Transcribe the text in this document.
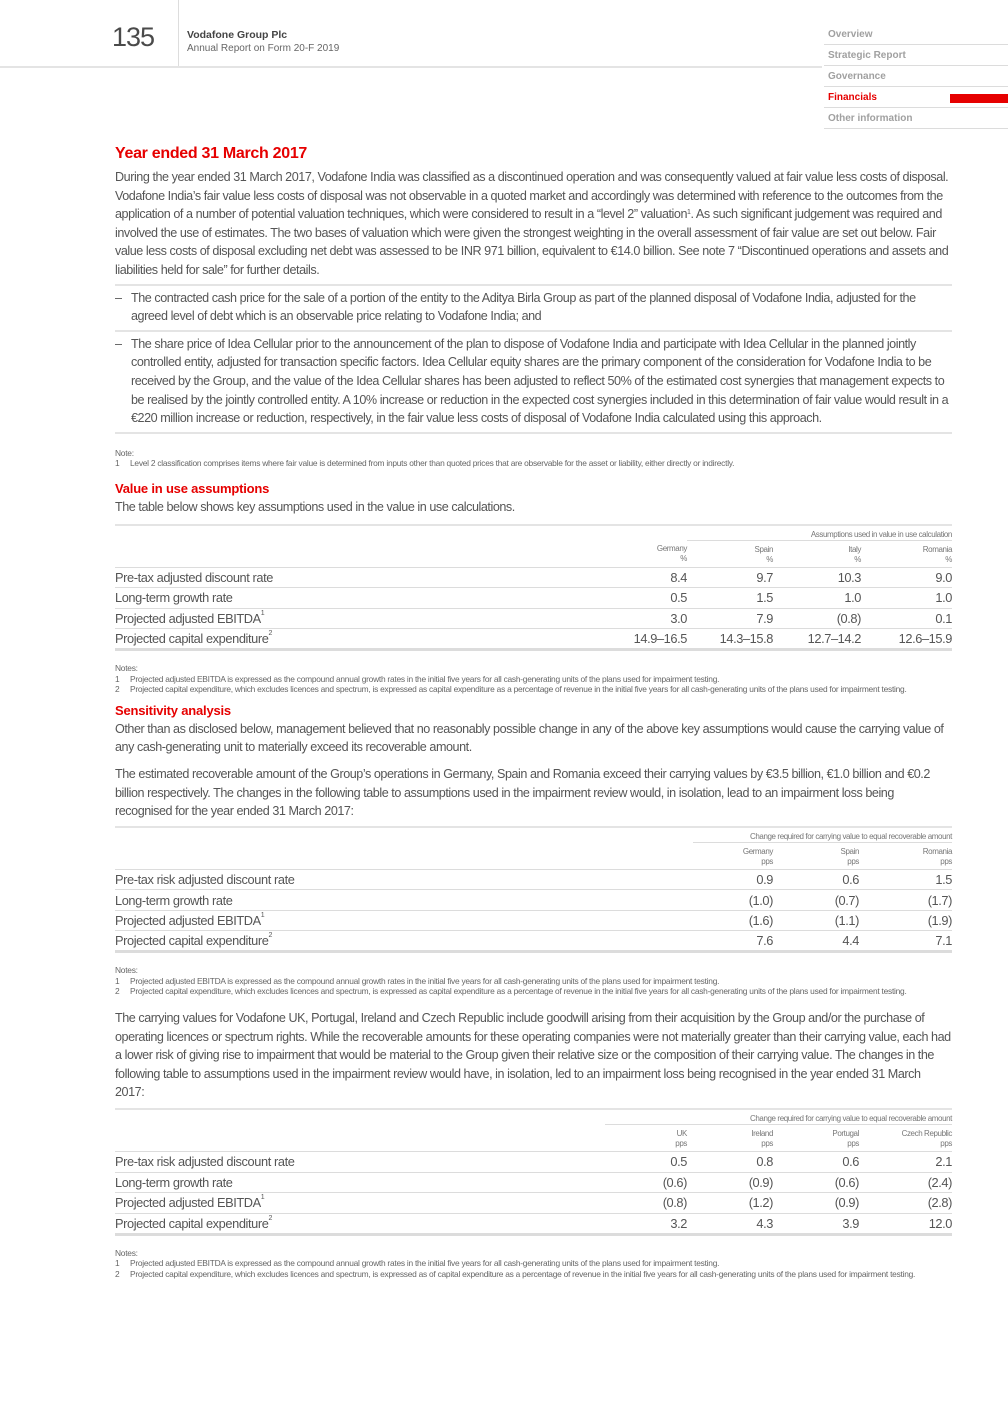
135	Vodafone Group Plc
Annual Report on Form 20-F 2019
Overview
Strategic Report
Governance
Financials
Other information
Year ended 31 March 2017

During the year ended 31 March 2017, Vodafone India was classified as a discontinued operation and was consequently valued at fair value less costs of disposal. Vodafone India’s fair value less costs of disposal was not observable in a quoted market and accordingly was determined with reference to the outcomes from the application of a number of potential valuation techniques, which were considered to result in a “level 2” valuation$^1$. As such significant judgement was required and involved the use of estimates. The two bases of valuation which were given the strongest weighting in the overall assessment of fair value are set out below. Fair value less costs of disposal excluding net debt was assessed to be INR 971 billion, equivalent to €14.0 billion. See note 7 “Discontinued operations and assets and liabilities held for sale” for further details.

– The contracted cash price for the sale of a portion of the entity to the Aditya Birla Group as part of the planned disposal of Vodafone India, adjusted for the agreed level of debt which is an observable price relating to Vodafone India; and
– The share price of Idea Cellular prior to the announcement of the plan to dispose of Vodafone India and participate with Idea Cellular in the planned jointly controlled entity, adjusted for transaction specific factors. Idea Cellular equity shares are the primary component of the consideration for Vodafone India to be received by the Group, and the value of the Idea Cellular shares has been adjusted to reflect 50% of the estimated cost synergies that management expects to be realised by the jointly controlled entity. A 10% increase or reduction in the expected cost synergies included in this determination of fair value would result in a €220 million increase or reduction, respectively, in the fair value less costs of disposal of Vodafone India calculated using this approach.
Note:
1 Level 2 classification comprises items where fair value is determined from inputs other than quoted prices that are observable for the asset or liability, either directly or indirectly.
Value in use assumptions

The table below shows key assumptions used in the value in use calculations.

		Assumptions used in value in use calculation		

Germany
%

Spain
%

Italy
%

Romania
%

Pre-tax adjusted discount rate	8.4	9.7	10.3	9.0
Long-term growth rate	0.5	1.5	1.0	1.0
Projected adjusted EBITDA$^1$	3.0	7.9	(0.8)	0.1
Projected capital expenditure$^2$	14.9–16.5	14.3–15.8	12.7–14.2	12.6–15.9
Notes:
1 Projected adjusted EBITDA is expressed as the compound annual growth rates in the initial five years for all cash-generating units of the plans used for impairment testing.
2 Projected capital expenditure, which excludes licences and spectrum, is expressed as capital expenditure as a percentage of revenue in the initial five years for all cash-generating units of the plans used for impairment testing.
Sensitivity analysis

Other than as disclosed below, management believed that no reasonably possible change in any of the above key assumptions would cause the carrying value of any cash-generating unit to materially exceed its recoverable amount.

The estimated recoverable amount of the Group’s operations in Germany, Spain and Romania exceed their carrying values by €3.5 billion, €1.0 billion and €0.2 billion respectively. The changes in the following table to assumptions used in the impairment review would, in isolation, lead to an impairment loss being recognised for the year ended 31 March 2017:

	Change required for carrying value to equal recoverable amount		

Germany
pps

Spain
pps

Romania
pps

Pre-tax risk adjusted discount rate	0.9	0.6	1.5
Long-term growth rate	(1.0)	(0.7)	(1.7)
Projected adjusted EBITDA$^1$	(1.6)	(1.1)	(1.9)
Projected capital expenditure$^2$	7.6	4.4	7.1
Notes:
1 Projected adjusted EBITDA is expressed as the compound annual growth rates in the initial five years for all cash-generating units of the plans used for impairment testing.
2 Projected capital expenditure, which excludes licences and spectrum, is expressed as capital expenditure as a percentage of revenue in the initial five years for all cash-generating units of the plans used for impairment testing.

The carrying values for Vodafone UK, Portugal, Ireland and Czech Republic include goodwill arising from their acquisition by the Group and/or the purchase of operating licences or spectrum rights. While the recoverable amounts for these operating companies were not materially greater than their carrying value, each had a lower risk of giving rise to impairment that would be material to the Group given their relative size or the composition of their carrying value. The changes in the following table to assumptions used in the impairment review would have, in isolation, led to an impairment loss being recognised in the year ended 31 March 2017:

	Change required for carrying value to equal recoverable amount			

UK
pps

Ireland
pps

Portugal
pps

Czech Republic
pps

Pre-tax risk adjusted discount rate	0.5	0.8	0.6	2.1
Long-term growth rate	(0.6)	(0.9)	(0.6)	(2.4)
Projected adjusted EBITDA$^1$	(0.8)	(1.2)	(0.9)	(2.8)
Projected capital expenditure$^2$	3.2	4.3	3.9	12.0
Notes:
1 Projected adjusted EBITDA is expressed as the compound annual growth rates in the initial five years for all cash-generating units of the plans used for impairment testing.
2 Projected capital expenditure, which excludes licences and spectrum, is expressed as of capital expenditure as a percentage of revenue in the initial five years for all cash-generating units of the plans used for impairment testing.
